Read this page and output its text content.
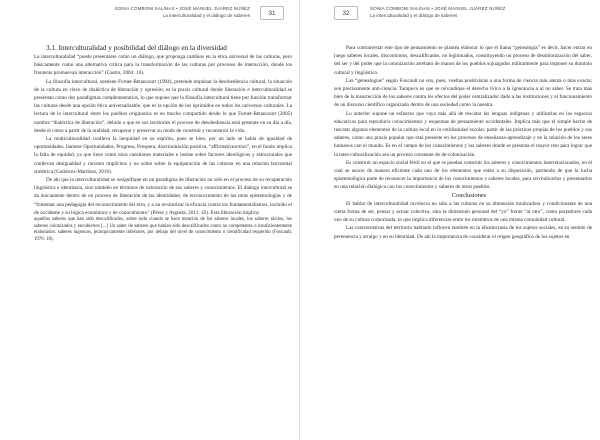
SONIA COMBONI SALINAS • JOSÉ MANUEL JUÁREZ NÚÑEZ
La interculturalidad y el diálogo de saberes	31

3.1. Interculturalidad y posibilidad del diálogo en la diversidad

La interculturalidad “puede presentarse como un diálogo, que proponga cambios en la ética universal de las culturas, pero básicamente como una alternativa crítica para la transformación de las culturas por procesos de interacción, donde los fronteras promuevan interacción” (Castro, 2004: 16).

La filosofía intercultural, sostiene Fornet-Betancourt (1994), pretende impulsar la desobediencia cultural, la situación de la cultura en clave de dialéctica de liberación y opresión; es la praxis cultural donde liberación e interculturalidad se presentan como dos paradigmas complementarios, lo que supone que la filosofía intercultural tiene por función transformar las culturas desde una opción ética universalizable, que es la opción de los oprimidos en todos los universos culturales. La lectura de lo intercultural entre los pueblos originarios es en mucho compartido desde lo que Fornet-Betancourt (2005) nombra “dialéctica de liberación”, debido a que en sus territorios el proceso de desobediencia está presente en su día a día, desde el cómo a partir de la oralidad, recuperar y preservar su modo de construir y reconstruir la vida.

La multiculturalidad conlleva la inequidad en su espíritu, pues se bien, por un lado se habla de igualdad de oportunidades, llamese Oportunidades, Progresa, Prospera, discriminación positiva, “affirmativeaction”, en el fondo implica la falta de equidad, ya que tiene como mira cuestiones materiales e insiste sobre factores ideológicos y estructurales que conllevan desigualdad y racismo implícitos y no sobre sobre la equiparación de las culturas en una relación horizontal simétrica (Gutiérrez-Martínez, 2016).

De ahí que la interculturalidad se resignifique en un paradigma de liberación no sólo en el proceso de su recuperación lingüística e identitaria, sino también en términos de valoración de sus saberes y conocimientos. El diálogo intercultural se da únicamente dentro de un proceso de liberación de las identidades, de reconocimiento de las otras epistemologías y de “fomentar una pedagogía del reconocimiento del otro, y a un revalorizar la eficacia contra los fundamentalismos, incluido el de occidente y su lógica económica y de conocimiento” (Pérez y Argueta, 2011: 43). Esta liberación implica:

aquellos saberes que han sido descalificados, sobre todo cuando se hace mención de los saberes locales, los saberes tácitos, los saberes colonizados y encubiertos [...] Un saber de saberes que habían sido descalificados como no competentes o insuficientemente elaborados: saberes ingenuos, jerárquicamente inferiores, por debajo del nivel de conocimiento o cientificidad requerido (Foucault, 1976: 18).

32
SONIA COMBONI SALINAS • JOSÉ MANUEL JUÁREZ NÚÑEZ
La interculturalidad y el diálogo de saberes

Para contrarrestar este tipo de pensamiento se plantea elaborar lo que él llama “genealogía” es decir, hacer entrar en juego saberes locales, discontinuos, descalificados, no legitimados, constituyendo un proceso de desdolonización del saber, del ser y del poder que la colonización arrebató de manos de los pueblos sojuzgados militarmente para imponer su dominio cultural y lingüístico.

Las “genealogías” según Foucault no son, pues, vueltas positivistas a una forma de ciencia más atenta o más exacta; son precisamente anti-ciencia. Tampoco es que se reivindique el derecho lírico a la ignorancia o al no saber. Se trata más bien de la insurrección de los saberes contra los efectos del poder centralizador dado a las instituciones y al funcionamiento de un discurso científico organizado dentro de una sociedad como la nuestra.

Lo anterior supone un esfuerzo que vaya más allá de rescatar las lenguas indígenas y utilizarlas en los espacios educativos para reproducir conocimientos y esquemas de pensamiento occidentales. Implica más que el simple hecho de rescatar algunos elementos de la cultura local en la cotidianidad escolar, partir de las prácticas propias de los pueblos y sus saberes, como una praxis popular que está presente en los procesos de enseñanza-aprendizaje y en la relación de los seres humanos con el mundo. Es en el campo de los conocimientos y los saberes donde se presenta el mayor reto para lograr que la inter-culturalización sea un proceso constante de de-colonización.

Es construir un espacio social fértil en el que se puedan construir los saberes y conocimientos interrelacionados, en el cual se asocie de manera eficiente cada uno de los elementos que están a su disposición, partiendo de que la lucha epistemológica parte de reconocer la importancia de los conocimientos y saberes locales, para reivindicarlos y presentarlos en una relación dialógica con los conocimientos y saberes de otros pueblos.

Conclusiones

El hablar de interculturalidad involucra no sólo a las culturas en su dimensión totalizadora y condicionante de una cierta forma de ser, pensar y actuar colectiva, sino la dimensión personal del “yo” frente “al otro”, como portadores cada uno de su cultura corporizada, lo que implica diferencias entre los miembros de una misma comunidad cultural.

Las características del territorio habitado influyen también en la idiosincrasia de los sujetos sociales, en su sentido de pertenencia y arraigo y en su identidad. De ahí la importancia de considerar el origen geográfico de los sujetos en
